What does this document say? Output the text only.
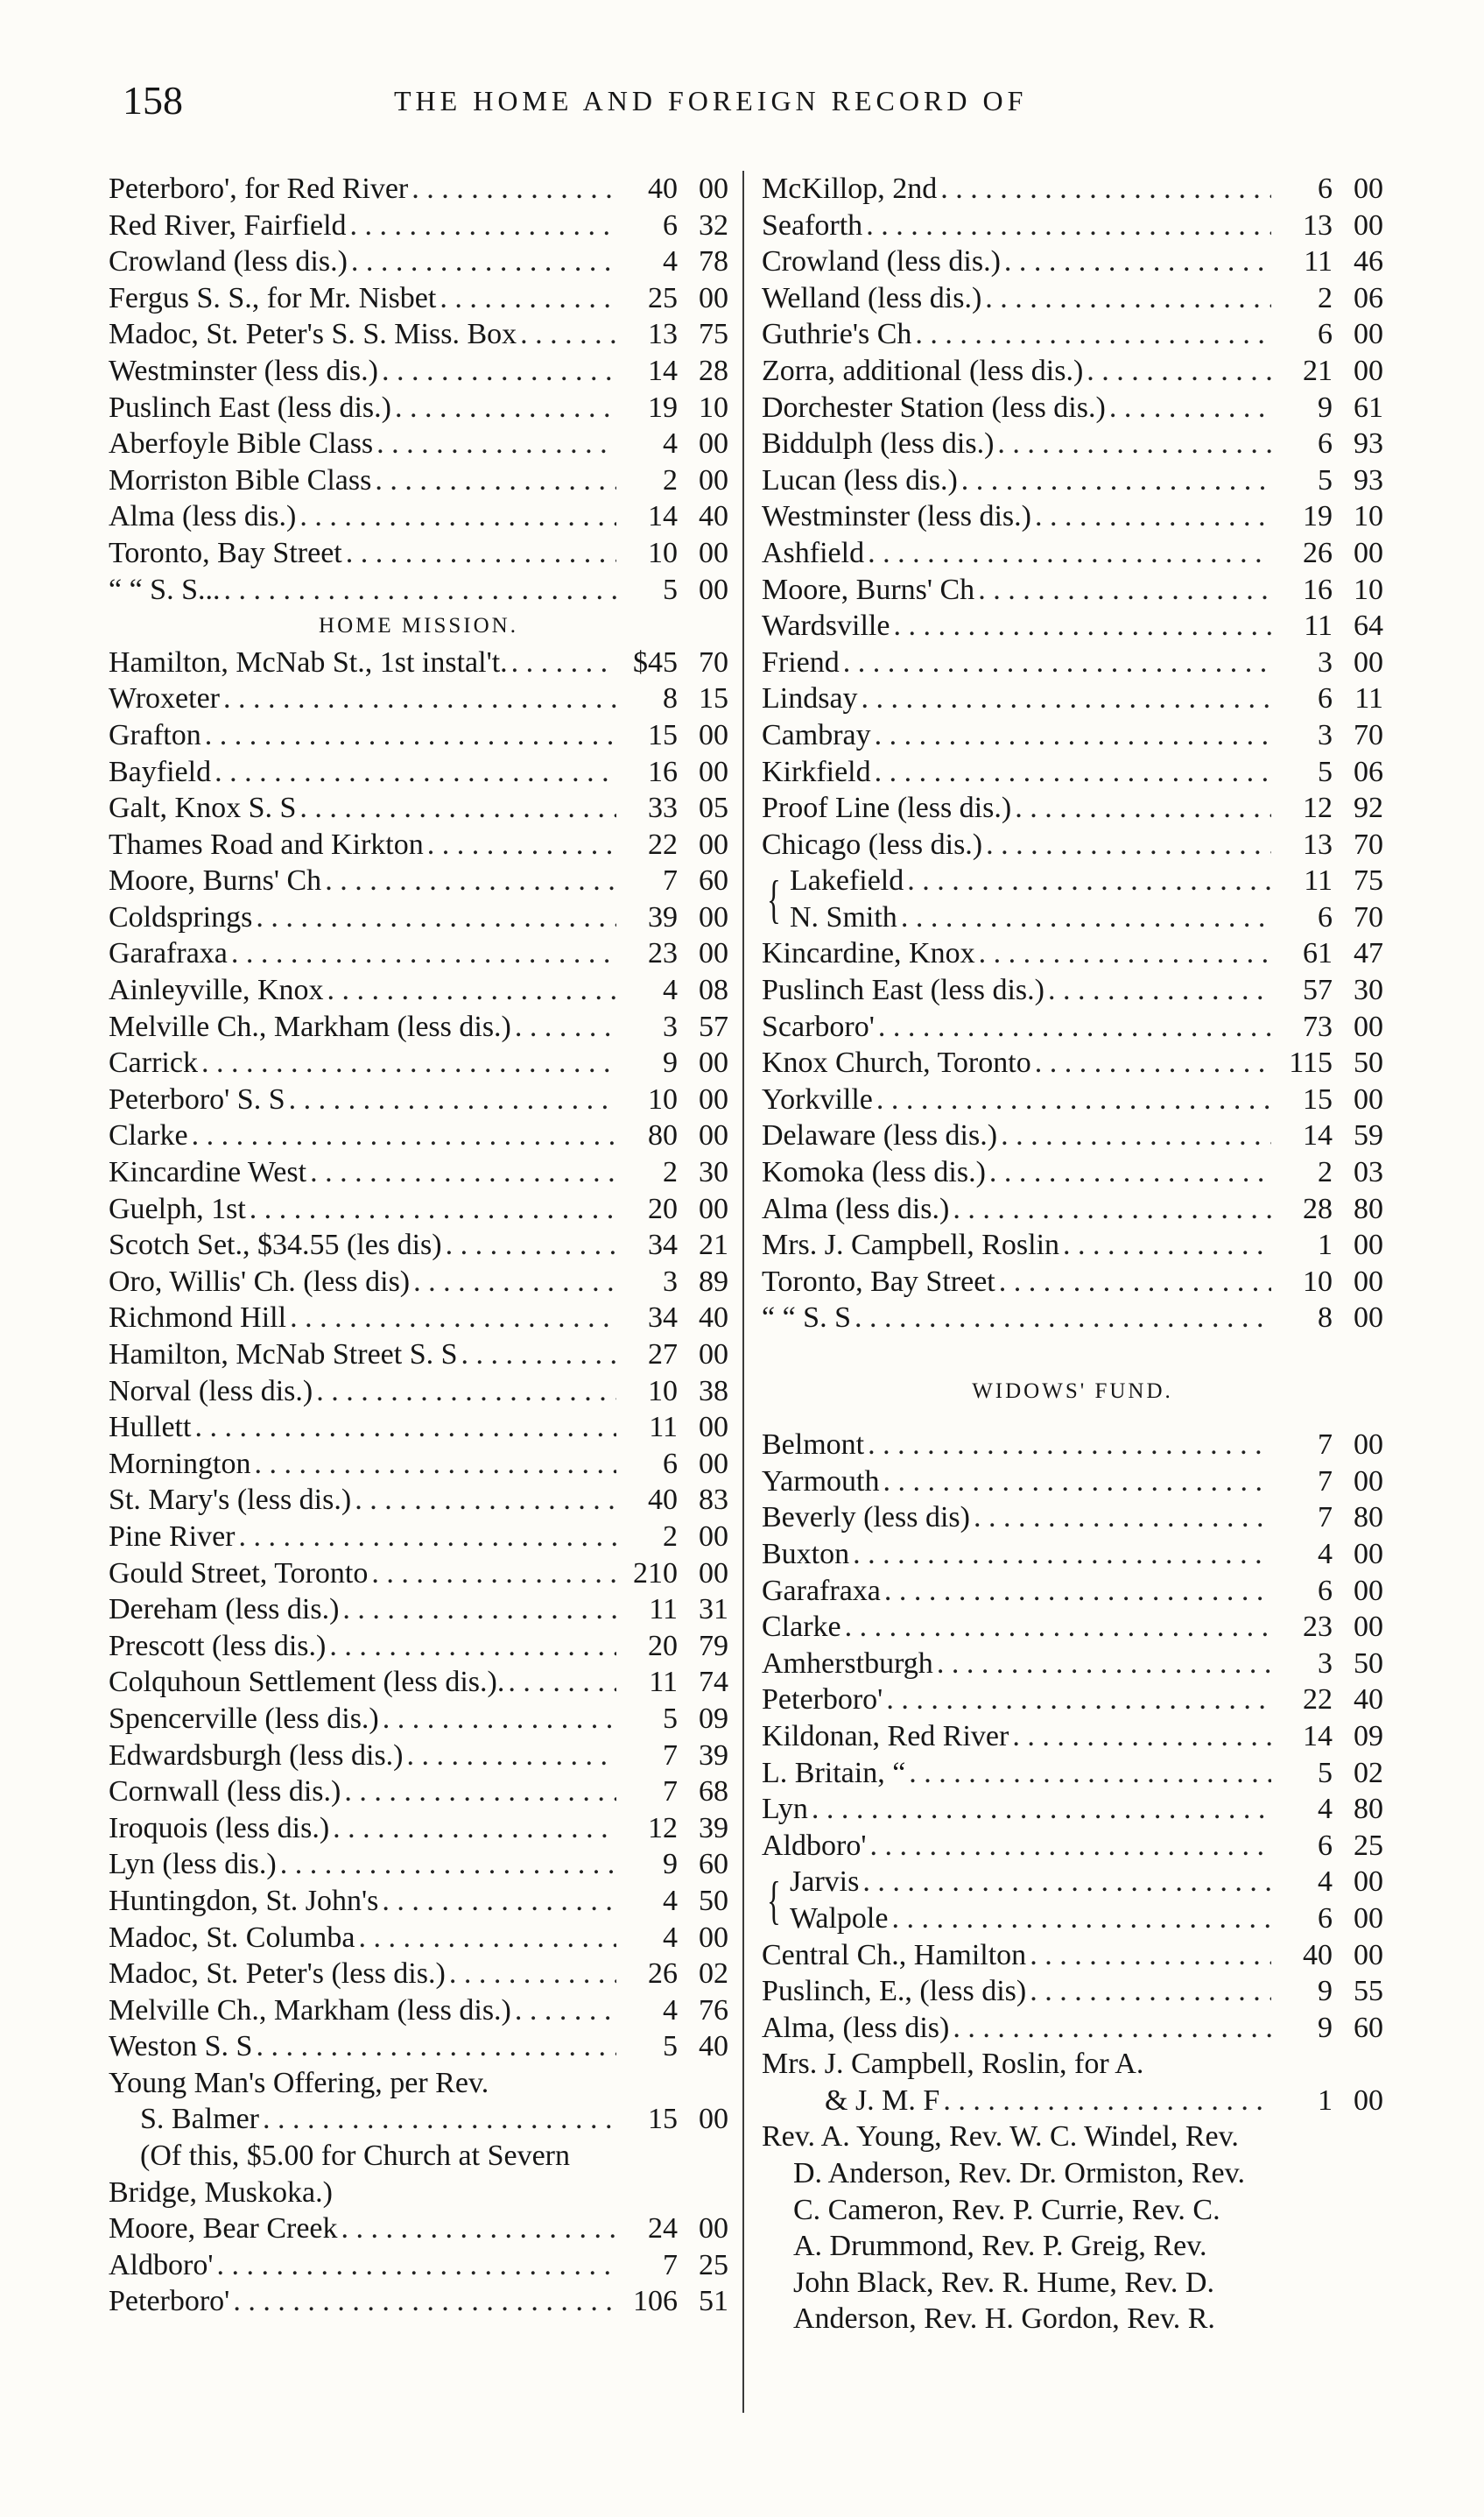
158	THE HOME AND FOREIGN RECORD OF
Peterboro', for Red River . . .	40 00
Red River, Fairfield . . .	6 32
Crowland (less dis.) . . .	4 78
Fergus S. S., for Mr. Nisbet . . .	25 00
Madoc, St. Peter's S. S. Miss. Box . . .	13 75
Westminster (less dis.) . . .	14 28
Puslinch East (less dis.) . . .	19 10
Aberfoyle Bible Class . . .	4 00
Morriston Bible Class . . .	2 00
Alma (less dis.) . . .	14 40
Toronto, Bay Street . . .	10 00
“ “ S. S... . . .	5 00
HOME MISSION.
Hamilton, McNab St., 1st instal't. . . .	$45 70
Wroxeter . . .	8 15
Grafton . . .	15 00
Bayfield . . .	16 00
Galt, Knox S. S . . .	33 05
Thames Road and Kirkton . . .	22 00
Moore, Burns' Ch . . .	7 60
Coldsprings . . .	39 00
Garafraxa . . .	23 00
Ainleyville, Knox . . .	4 08
Melville Ch., Markham (less dis.) . . .	3 57
Carrick . . .	9 00
Peterboro' S. S . . .	10 00
Clarke . . .	80 00
Kincardine West . . .	2 30
Guelph, 1st . . .	20 00
Scotch Set., $34.55 (les dis) . . .	34 21
Oro, Willis' Ch. (less dis) . . .	3 89
Richmond Hill . . .	34 40
Hamilton, McNab Street S. S . . .	27 00
Norval (less dis.) . . .	10 38
Hullett . . .	11 00
Mornington . . .	6 00
St. Mary's (less dis.) . . .	40 83
Pine River . . .	2 00
Gould Street, Toronto . . .	210 00
Dereham (less dis.) . . .	11 31
Prescott (less dis.) . . .	20 79
Colquhoun Settlement (less dis.). . . .	11 74
Spencerville (less dis.) . . .	5 09
Edwardsburgh (less dis.) . . .	7 39
Cornwall (less dis.) . . .	7 68
Iroquois (less dis.) . . .	12 39
Lyn (less dis.) . . .	9 60
Huntingdon, St. John's . . .	4 50
Madoc, St. Columba . . .	4 00
Madoc, St. Peter's (less dis.) . . .	26 02
Melville Ch., Markham (less dis.) . . .	4 76
Weston S. S . . .	5 40
Young Man's Offering, per Rev.
S. Balmer . . .	15 00
(Of this, $5.00 for Church at Severn
Bridge, Muskoka.)
Moore, Bear Creek . . .	24 00
Aldboro' . . .	7 25
Peterboro' . . .	106 51
McKillop, 2nd . . .	6 00
Seaforth . . .	13 00
Crowland (less dis.) . . .	11 46
Welland (less dis.) . . .	2 06
Guthrie's Ch . . .	6 00
Zorra, additional (less dis.) . . .	21 00
Dorchester Station (less dis.) . . .	9 61
Biddulph (less dis.) . . .	6 93
Lucan (less dis.) . . .	5 93
Westminster (less dis.) . . .	19 10
Ashfield . . .	26 00
Moore, Burns' Ch . . .	16 10
Wardsville . . .	11 64
Friend . . .	3 00
Lindsay . . .	6 11
Cambray . . .	3 70
Kirkfield . . .	5 06
Proof Line (less dis.) . . .	12 92
Chicago (less dis.) . . .	13 70
{ Lakefield . . .	11 75
N. Smith . . .	6 70
Kincardine, Knox . . .	61 47
Puslinch East (less dis.) . . .	57 30
Scarboro' . . .	73 00
Knox Church, Toronto . . .	115 50
Yorkville . . .	15 00
Delaware (less dis.) . . .	14 59
Komoka (less dis.) . . .	2 03
Alma (less dis.) . . .	28 80
Mrs. J. Campbell, Roslin . . .	1 00
Toronto, Bay Street . . .	10 00
“ “ S. S . . .	8 00
WIDOWS' FUND.
Belmont . . .	7 00
Yarmouth . . .	7 00
Beverly (less dis) . . .	7 80
Buxton . . .	4 00
Garafraxa . . .	6 00
Clarke . . .	23 00
Amherstburgh . . .	3 50
Peterboro' . . .	22 40
Kildonan, Red River . . .	14 09
L. Britain, “ . . .	5 02
Lyn . . .	4 80
Aldboro' . . .	6 25
{ Jarvis . . .	4 00
Walpole . . .	6 00
Central Ch., Hamilton . . .	40 00
Puslinch, E., (less dis) . . .	9 55
Alma, (less dis) . . .	9 60
Mrs. J. Campbell, Roslin, for A.
& J. M. F . . .	1 00
Rev. A. Young, Rev. W. C. Windel, Rev.
D. Anderson, Rev. Dr. Ormiston, Rev.
C. Cameron, Rev. P. Currie, Rev. C.
A. Drummond, Rev. P. Greig, Rev.
John Black, Rev. R. Hume, Rev. D.
Anderson, Rev. H. Gordon, Rev. R.
